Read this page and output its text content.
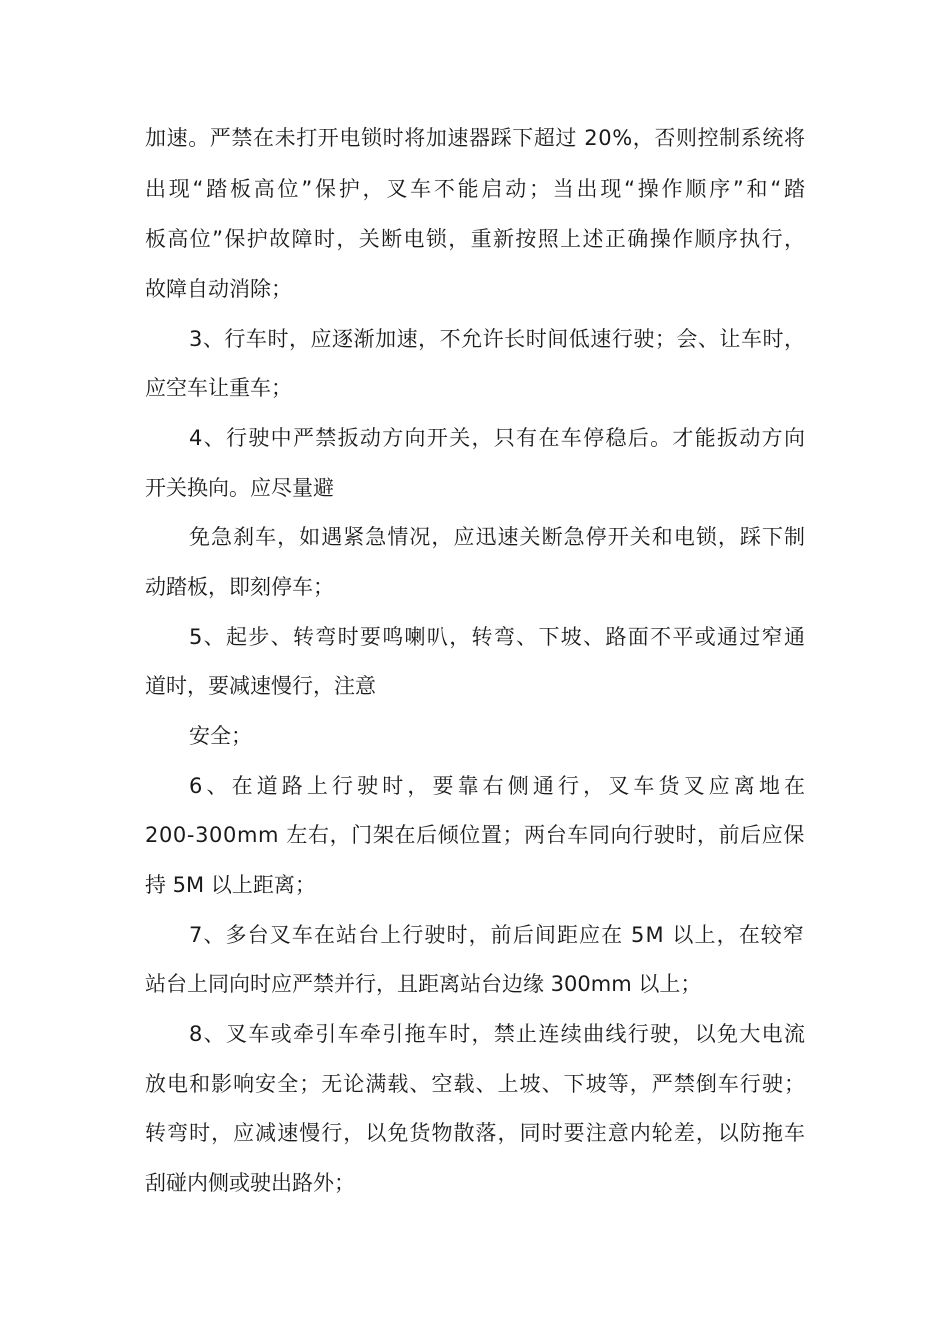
加速。严禁在未打开电锁时将加速器踩下超过 20%，否则控制系统将
出现“踏板高位”保护，叉车不能启动；当出现“操作顺序”和“踏
板高位”保护故障时，关断电锁，重新按照上述正确操作顺序执行，
故障自动消除；
3、行车时，应逐渐加速，不允许长时间低速行驶；会、让车时，
应空车让重车；
4、行驶中严禁扳动方向开关，只有在车停稳后。才能扳动方向
开关换向。应尽量避
免急刹车，如遇紧急情况，应迅速关断急停开关和电锁，踩下制
动踏板，即刻停车；
5、起步、转弯时要鸣喇叭，转弯、下坡、路面不平或通过窄通
道时，要减速慢行，注意
安全；
6、在道路上行驶时，要靠右侧通行，叉车货叉应离地在
200-300mm 左右，门架在后倾位置；两台车同向行驶时，前后应保
持 5M 以上距离；
7、多台叉车在站台上行驶时，前后间距应在 5M 以上，在较窄
站台上同向时应严禁并行，且距离站台边缘 300mm 以上；
8、叉车或牵引车牵引拖车时，禁止连续曲线行驶，以免大电流
放电和影响安全；无论满载、空载、上坡、下坡等，严禁倒车行驶；
转弯时，应减速慢行，以免货物散落，同时要注意内轮差，以防拖车
刮碰内侧或驶出路外；
